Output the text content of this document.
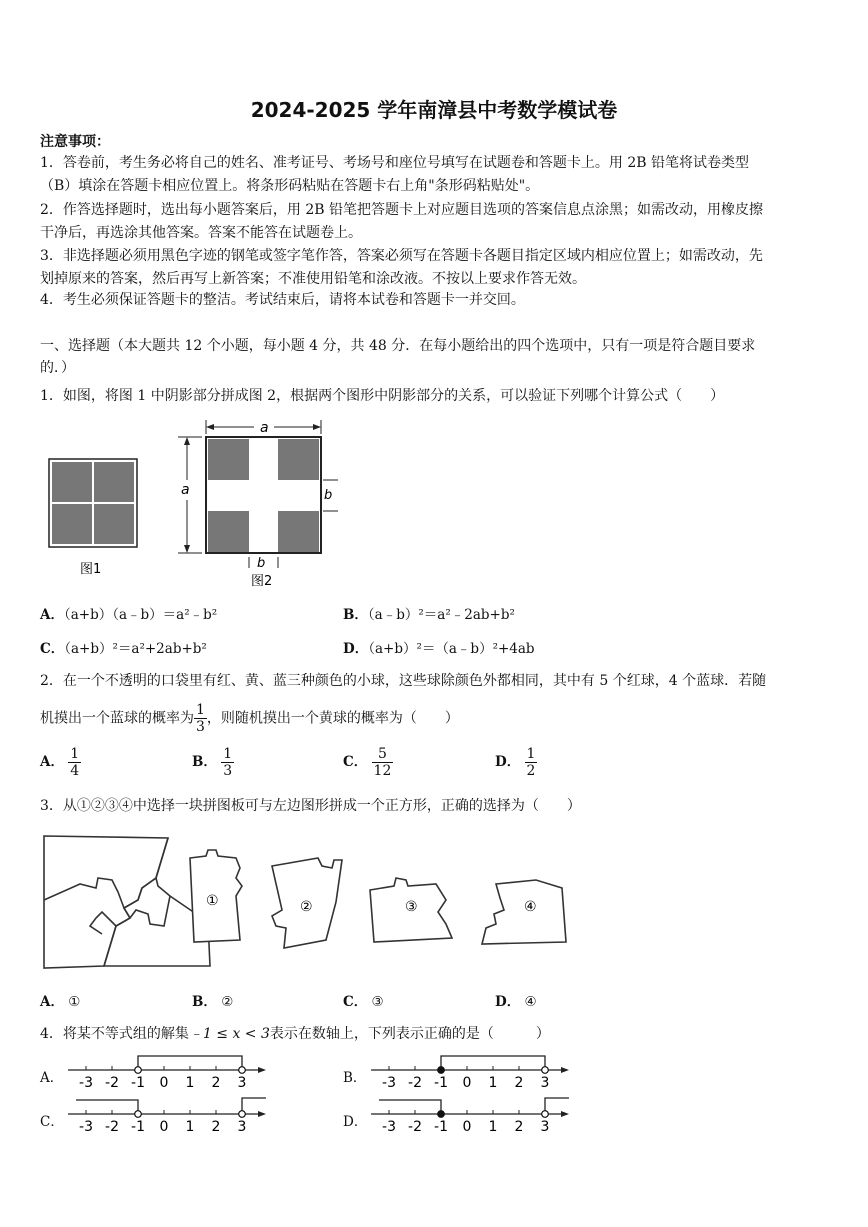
2024-2025 学年南漳县中考数学模试卷
注意事项：
1．答卷前，考生务必将自己的姓名、准考证号、考场号和座位号填写在试题卷和答题卡上。用 2B 铅笔将试卷类型
（B）填涂在答题卡相应位置上。将条形码粘贴在答题卡右上角"条形码粘贴处"。
2．作答选择题时，选出每小题答案后，用 2B 铅笔把答题卡上对应题目选项的答案信息点涂黑；如需改动，用橡皮擦
干净后，再选涂其他答案。答案不能答在试题卷上。
3．非选择题必须用黑色字迹的钢笔或签字笔作答，答案必须写在答题卡各题目指定区域内相应位置上；如需改动，先
划掉原来的答案，然后再写上新答案；不准使用铅笔和涂改液。不按以上要求作答无效。
4．考生必须保证答题卡的整洁。考试结束后，请将本试卷和答题卡一并交回。
一、选择题（本大题共 12 个小题，每小题 4 分，共 48 分．在每小题给出的四个选项中，只有一项是符合题目要求
的．）
1．如图，将图 1 中阴影部分拼成图 2，根据两个图形中阴影部分的关系，可以验证下列哪个计算公式（　　）
图1
a
a	b
b
图2
A．（a+b）（a﹣b）＝a²﹣b²	B．（a﹣b）²＝a²﹣2ab+b²
C．（a+b）²＝a²+2ab+b²	D．（a+b）²＝（a﹣b）²+4ab
2．在一个不透明的口袋里有红、黄、蓝三种颜色的小球，这些球除颜色外都相同，其中有 5 个红球，4 个蓝球．若随
机摸出一个蓝球的概率为 $\frac{1}{3}$ ，则随机摸出一个黄球的概率为（　　）
A． $\frac{1}{4}$	B． $\frac{1}{3}$	C． $\frac{5}{12}$	D． $\frac{1}{2}$
3．从①②③④中选择一块拼图板可与左边图形拼成一个正方形，正确的选择为（　　）
①	②	③	④
A． ①	B． ②	C． ③	D． ④
4．将某不等式组的解集﹣1 ≤ x < 3表示在数轴上，下列表示正确的是（　　　）
A． -3 -2 -1 0 1 2 3	B． -3 -2 -1 0 1 2 3
C． -3 -2 -1 0 1 2 3	D． -3 -2 -1 0 1 2 3
